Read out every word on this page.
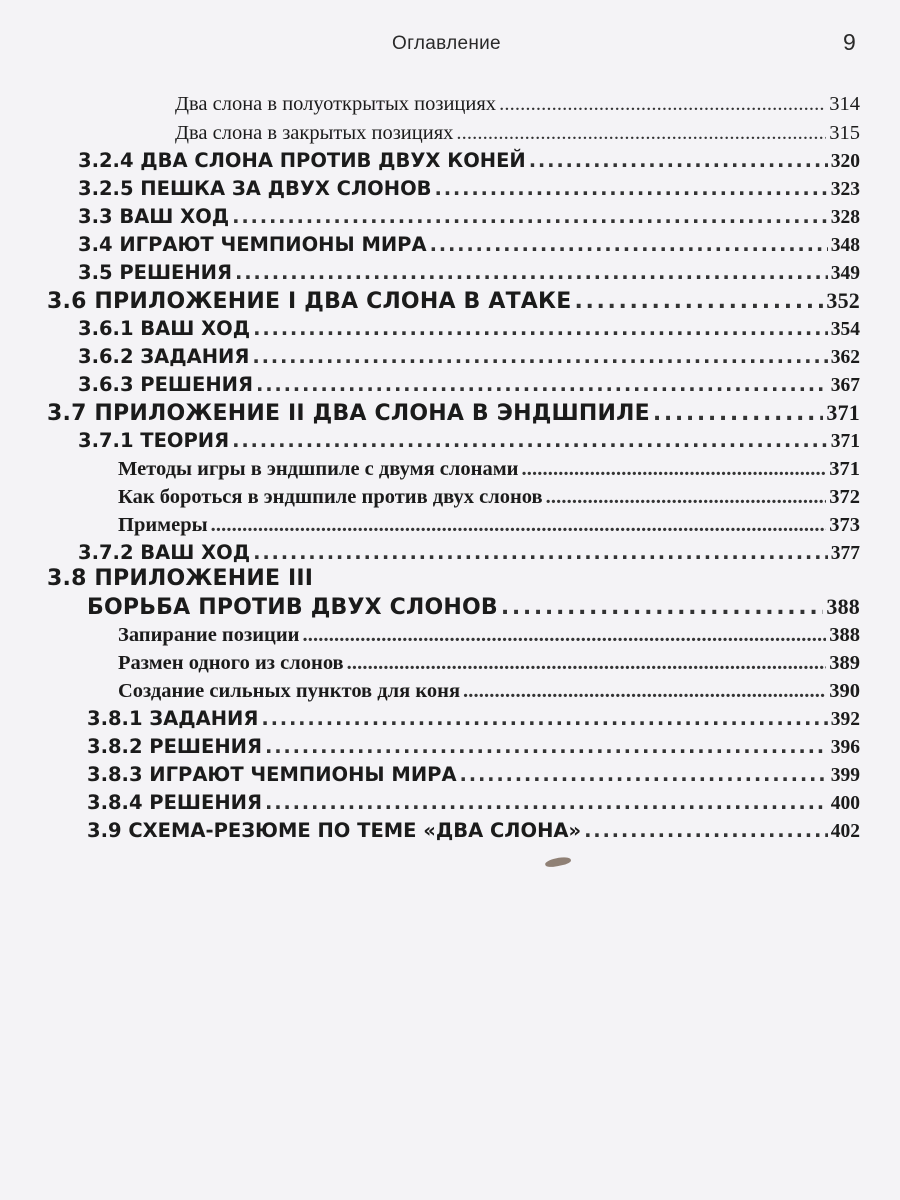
Оглавление	9
Два слона в полуоткрытых позициях . . .	314
Два слона в закрытых позициях . . .	315
3.2.4 ДВА СЛОНА ПРОТИВ ДВУХ КОНЕЙ . . .	320
3.2.5 ПЕШКА ЗА ДВУХ СЛОНОВ . . .	323
3.3 ВАШ ХОД . . .	328
3.4 ИГРАЮТ ЧЕМПИОНЫ МИРА . . .	348
3.5 РЕШЕНИЯ . . .	349
3.6 ПРИЛОЖЕНИЕ I ДВА СЛОНА В АТАКЕ . . .	352
3.6.1 ВАШ ХОД . . .	354
3.6.2 ЗАДАНИЯ . . .	362
3.6.3 РЕШЕНИЯ . . .	367
3.7 ПРИЛОЖЕНИЕ II ДВА СЛОНА В ЭНДШПИЛЕ . . .	371
3.7.1 ТЕОРИЯ . . .	371
Методы игры в эндшпиле с двумя слонами . . .	371
Как бороться в эндшпиле против двух слонов . . .	372
Примеры . . .	373
3.7.2 ВАШ ХОД . . .	377
3.8 ПРИЛОЖЕНИЕ III
БОРЬБА ПРОТИВ ДВУХ СЛОНОВ . . .	388
Запирание позиции . . .	388
Размен одного из слонов . . .	389
Создание сильных пунктов для коня . . .	390
3.8.1 ЗАДАНИЯ . . .	392
3.8.2 РЕШЕНИЯ . . .	396
3.8.3 ИГРАЮТ ЧЕМПИОНЫ МИРА . . .	399
3.8.4 РЕШЕНИЯ . . .	400
3.9 СХЕМА-РЕЗЮМЕ ПО ТЕМЕ «ДВА СЛОНА» . . .	402
